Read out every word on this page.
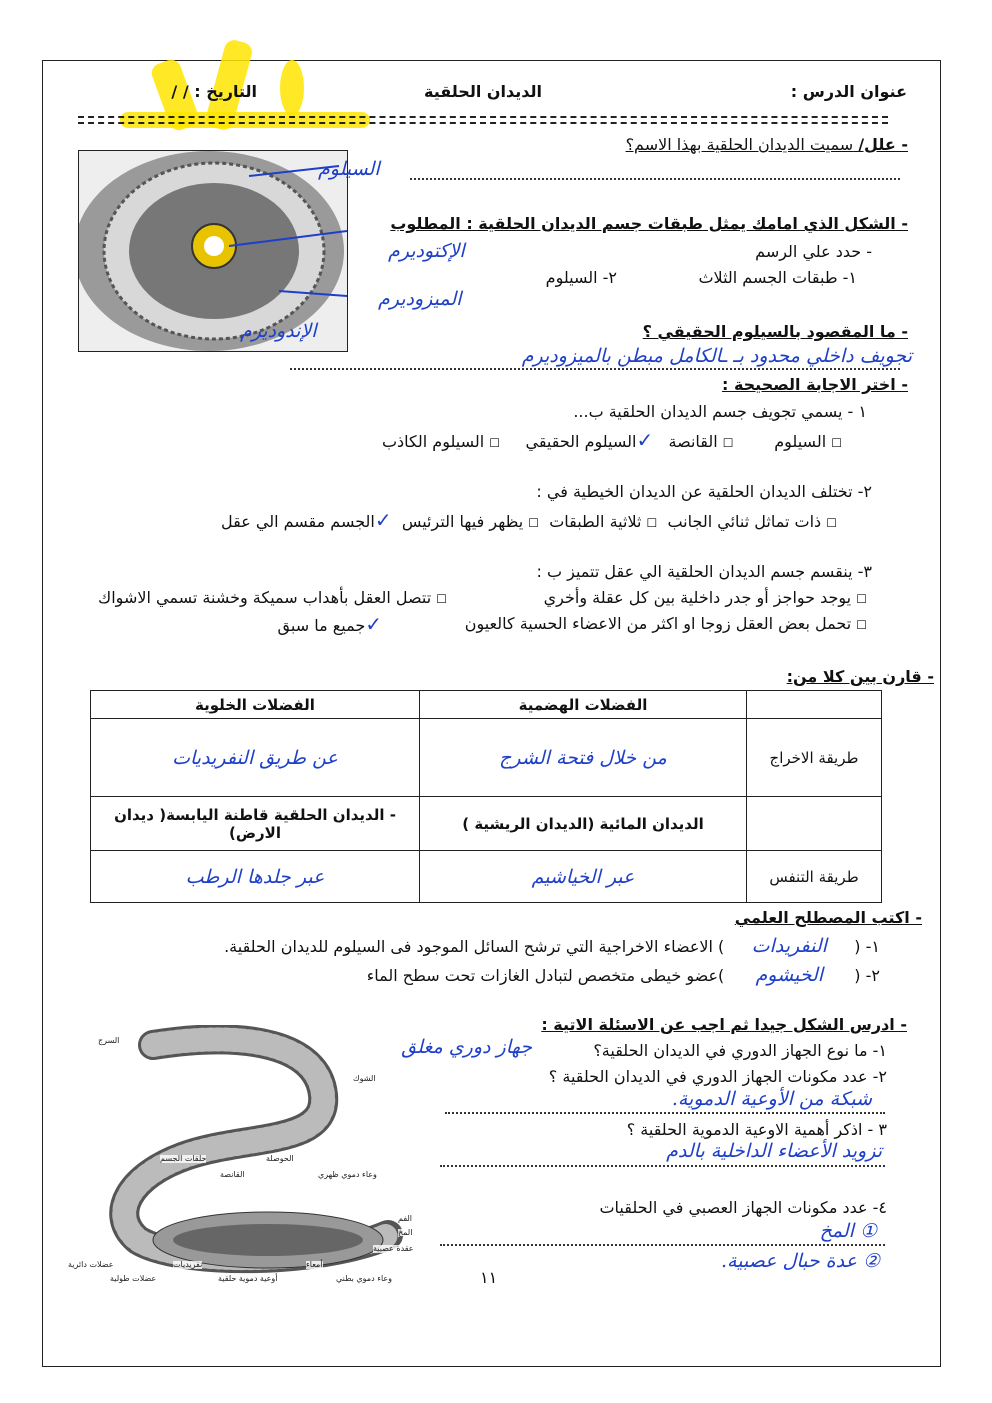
عنوان الدرس :
الديدان الحلقية
التاريخ : / /
- علل/ سميت الديدان الحلقية بهذا الاسم؟
السيلوم
الإكتوديرم
الميزوديرم
الإندوديرم
- الشكل الذي امامك يمثل طبقات جسم الديدان الحلقية : المطلوب
- حدد علي الرسم
١- طبقات الجسم الثلاث
٢- السيلوم
- ما المقصود بالسيلوم الحقيقي ؟
تجويف داخلي محدود بـ ـالكامل مبطن بالميزوديرم
- اختر الاجابة الصحيحة :
١ - يسمي تجويف جسم الديدان الحلقية ب...
☐ السيلوم        ☐ القانصة   ✓السيلوم الحقيقي     ☐ السيلوم الكاذب
٢- تختلف الديدان الحلقية عن الديدان الخيطية في :
☐ ذات تماثل ثنائي الجانب  ☐ ثلاثية الطبقات  ☐ يظهر فيها الترئيس  ✓الجسم مقسم الي عقل
٣- ينقسم جسم الديدان الحلقية الي عقل تتميز ب :
☐ يوجد حواجز أو جدر داخلية بين كل عقلة وأخري
☐ تتصل العقل بأهداب سميكة وخشنة تسمي الاشواك
☐ تحمل بعض العقل زوجا او اكثر من الاعضاء الحسية كالعيون
✓جميع ما سبق
- قارن بين كلا من:
	الفضلات الهضمية	الفضلات الخلوية
طريقة الاخراج	من خلال فتحة الشرج	عن طريق النفريديات
	الديدان المائية (الديدان الريشية )	- الديدان الحلقية قاطنة اليابسة( ديدان الارض)
طريقة التنفس	عبر الخياشيم	عبر جلدها الرطب
- اكتب المصطلح العلمي
١- (النفريدات) الاعضاء الاخراجية التي ترشح السائل الموجود فى السيلوم للديدان الحلقية.
٢- (الخيشوم)عضو خيطى متخصص لتبادل الغازات تحت سطح الماء
- ادرس الشكل جيدا ثم اجب عن الاسئلة الاتية :
١- ما نوع الجهاز الدوري في الديدان الحلقية؟
جهاز دوري مغلق
٢- عدد مكونات الجهاز الدوري في الديدان الحلقية ؟
شبكة من الأوعية الدموية.
٣ - اذكر أهمية الاوعية الدموية الحلقية ؟
تزويد الأعضاء الداخلية بالدم
٤- عدد مكونات الجهاز العصبي في الحلقيات
① المخ
② عدة حبال عصبية.
١١
السرج
الشوك
حلقات الجسم
القانصة
الحوصلة
وعاء دموي ظهري
الفم
المخ
عقدة عصبية
وعاء دموي بطني
عضلات دائرية
عضلات طولية
نفريديات
أوعية دموية حلقية
أمعاء
